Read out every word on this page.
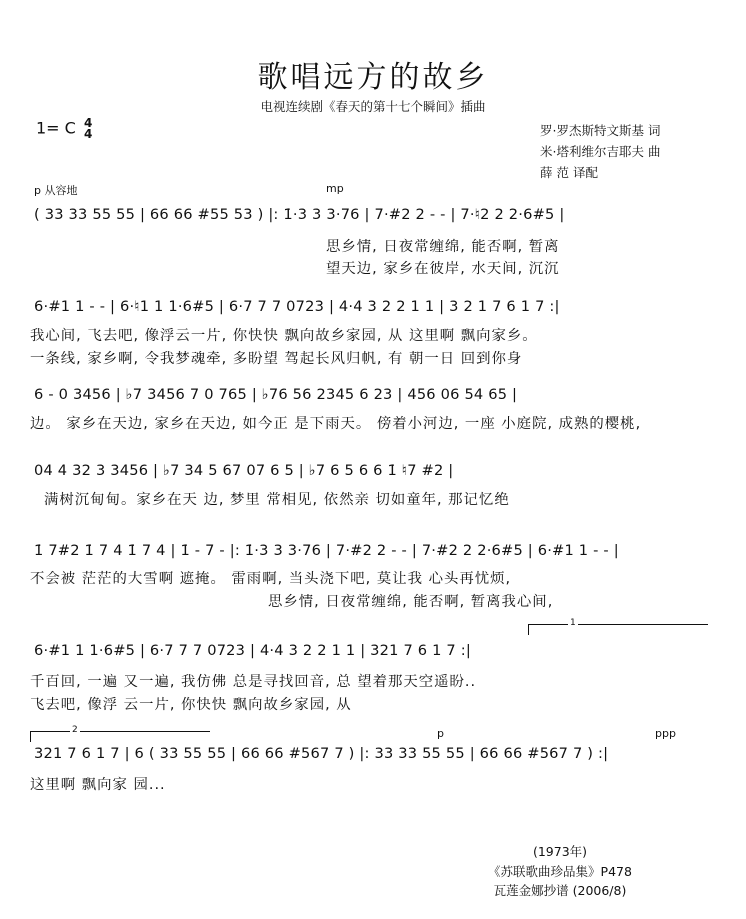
歌唱远方的故乡
电视连续剧《春天的第十七个瞬间》插曲
1= C 4
4	罗·罗杰斯特文斯基 词
米·塔利维尔吉耶夫 曲
薛 范 译配
p 从容地	mp
( 33 33 55 55 | 66 66 #55 53 ) |: 1̇·3 3 3·76 | 7·#2 2 - - | 7·♮2 2 2·6#5 |
思乡情, 日夜常缠绵, 能否啊, 暂离
望天边, 家乡在彼岸, 水天间, 沉沉
6·#1 1 - - | 6·♮1 1 1·6#5 | 6·7 7 7 0723 | 4·4 3 2 2 1 1 | 3 2 1 7 6 1 7 :|
我心间, 飞去吧, 像浮云一片, 你快快 飘向故乡家园, 从 这里啊 飘向家乡。
一条线, 家乡啊, 令我梦魂牵, 多盼望 驾起长风归帆, 有 朝一日 回到你身
6 - 0 3456 | ♭7 3456 7 0 765 | ♭76 56 2345 6 23 | 456 06 54 65 |
边。 家乡在天边, 家乡在天边, 如今正 是下雨天。 傍着小河边, 一座 小庭院, 成熟的樱桃,
04 4 32 3 3456 | ♭7 34 5 67 07 6 5 | ♭7 6 5 6 6 1̇ ♮7 #2 |
满树沉甸甸。家乡在天 边, 梦里 常相见, 依然亲 切如童年, 那记忆绝
1̇ 7#2 1̇ 7 4 1̇ 7 4 | 1̇ - 7 - |: 1̇·3 3 3·76 | 7·#2 2 - - | 7·#2 2 2·6#5 | 6·#1 1 - - |
不会被 茫茫的大雪啊 遮掩。 雷雨啊, 当头浇下吧, 莫让我 心头再忧烦,
思乡情, 日夜常缠绵, 能否啊, 暂离我心间,
1
6·#1 1 1·6#5 | 6·7 7 7 0723 | 4·4 3 2 2 1 1 | 321 7 6 1 7 :|
千百回, 一遍 又一遍, 我仿佛 总是寻找回音, 总 望着那天空遥盼..
飞去吧, 像浮 云一片, 你快快 飘向故乡家园, 从
2	p	ppp
321 7 6 1 7 | 6 ( 33 55 55 | 66 66 #567 7 ) |: 33 33 55 55 | 66 66 #567 7 ) :|
这里啊 飘向家 园...
(1973年)
《苏联歌曲珍品集》P478
瓦莲金娜抄谱 (2006/8)
